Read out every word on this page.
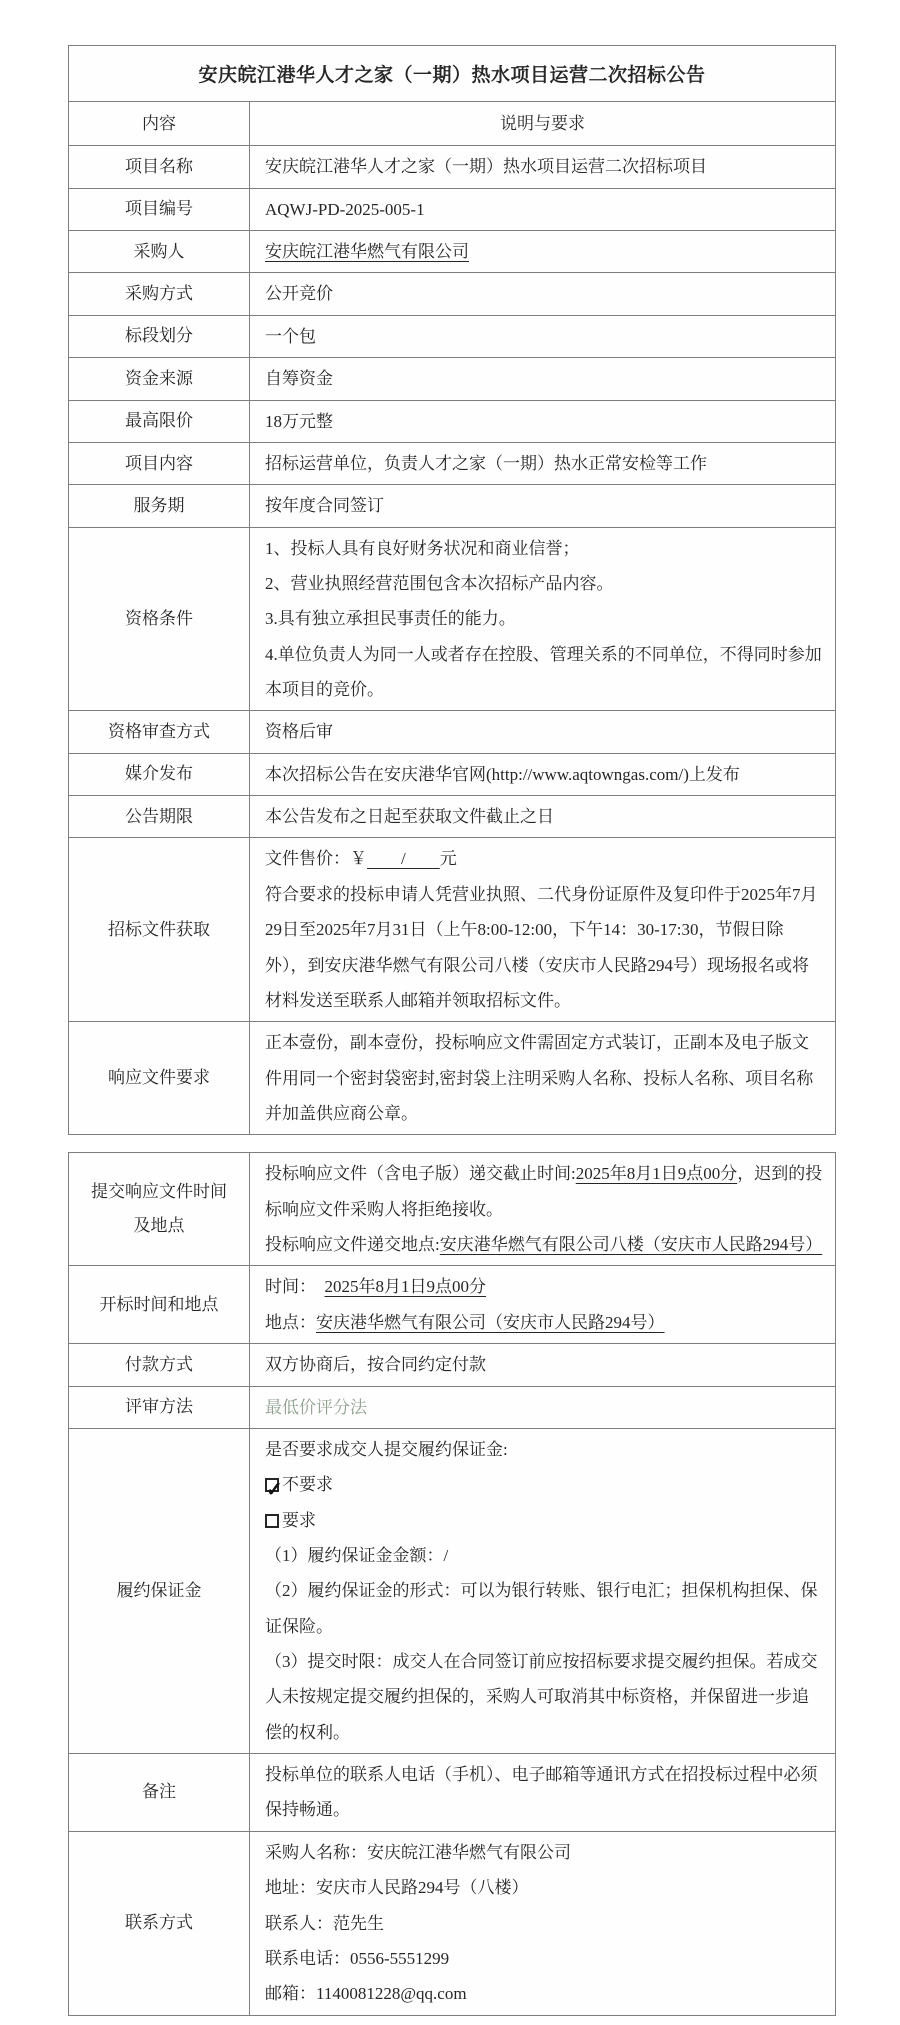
安庆皖江港华人才之家（一期）热水项目运营二次招标公告	
内容	说明与要求
项目名称	安庆皖江港华人才之家（一期）热水项目运营二次招标项目

项目编号	AQWJ-PD-2025-005-1

采购人	安庆皖江港华燃气有限公司

采购方式	公开竞价

标段划分	一个包

资金来源	自筹资金

最高限价	18万元整

项目内容	招标运营单位，负责人才之家（一期）热水正常安检等工作

服务期	按年度合同签订

资格条件	1、投标人具有良好财务状况和商业信誉；
2、营业执照经营范围包含本次招标产品内容。
3.具有独立承担民事责任的能力。
4.单位负责人为同一人或者存在控股、管理关系的不同单位，不得同时参加本项目的竞价。

资格审查方式	资格后审

媒介发布	本次招标公告在安庆港华官网(http://www.aqtowngas.com/)上发布

公告期限	本公告发布之日起至获取文件截止之日

招标文件获取	文件售价：￥　　/　　元
符合要求的投标申请人凭营业执照、二代身份证原件及复印件于2025年7月29日至2025年7月31日（上午8:00-12:00，下午14：30-17:30，节假日除外），到安庆港华燃气有限公司八楼（安庆市人民路294号）现场报名或将材料发送至联系人邮箱并领取招标文件。

响应文件要求	正本壹份，副本壹份，投标响应文件需固定方式装订，正副本及电子版文件用同一个密封袋密封,密封袋上注明采购人名称、投标人名称、项目名称并加盖供应商公章。
提交响应文件时间及地点	投标响应文件（含电子版）递交截止时间:2025年8月1日9点00分，迟到的投标响应文件采购人将拒绝接收。
投标响应文件递交地点:安庆港华燃气有限公司八楼（安庆市人民路294号）

开标时间和地点	时间：　2025年8月1日9点00分
地点：安庆港华燃气有限公司（安庆市人民路294号）

付款方式	双方协商后，按合同约定付款

评审方法	最低价评分法

履约保证金	
是否要求成交人提交履约保证金:
✓不要求
要求
（1）履约保证金金额：/
（2）履约保证金的形式：可以为银行转账、银行电汇；担保机构担保、保证保险。
（3）提交时限：成交人在合同签订前应按招标要求提交履约担保。若成交人未按规定提交履约担保的，采购人可取消其中标资格，并保留进一步追偿的权利。

备注	投标单位的联系人电话（手机）、电子邮箱等通讯方式在招投标过程中必须保持畅通。

联系方式	采购人名称：安庆皖江港华燃气有限公司
地址：安庆市人民路294号（八楼）
联系人：范先生
联系电话：0556-5551299
邮箱：1140081228@qq.com
